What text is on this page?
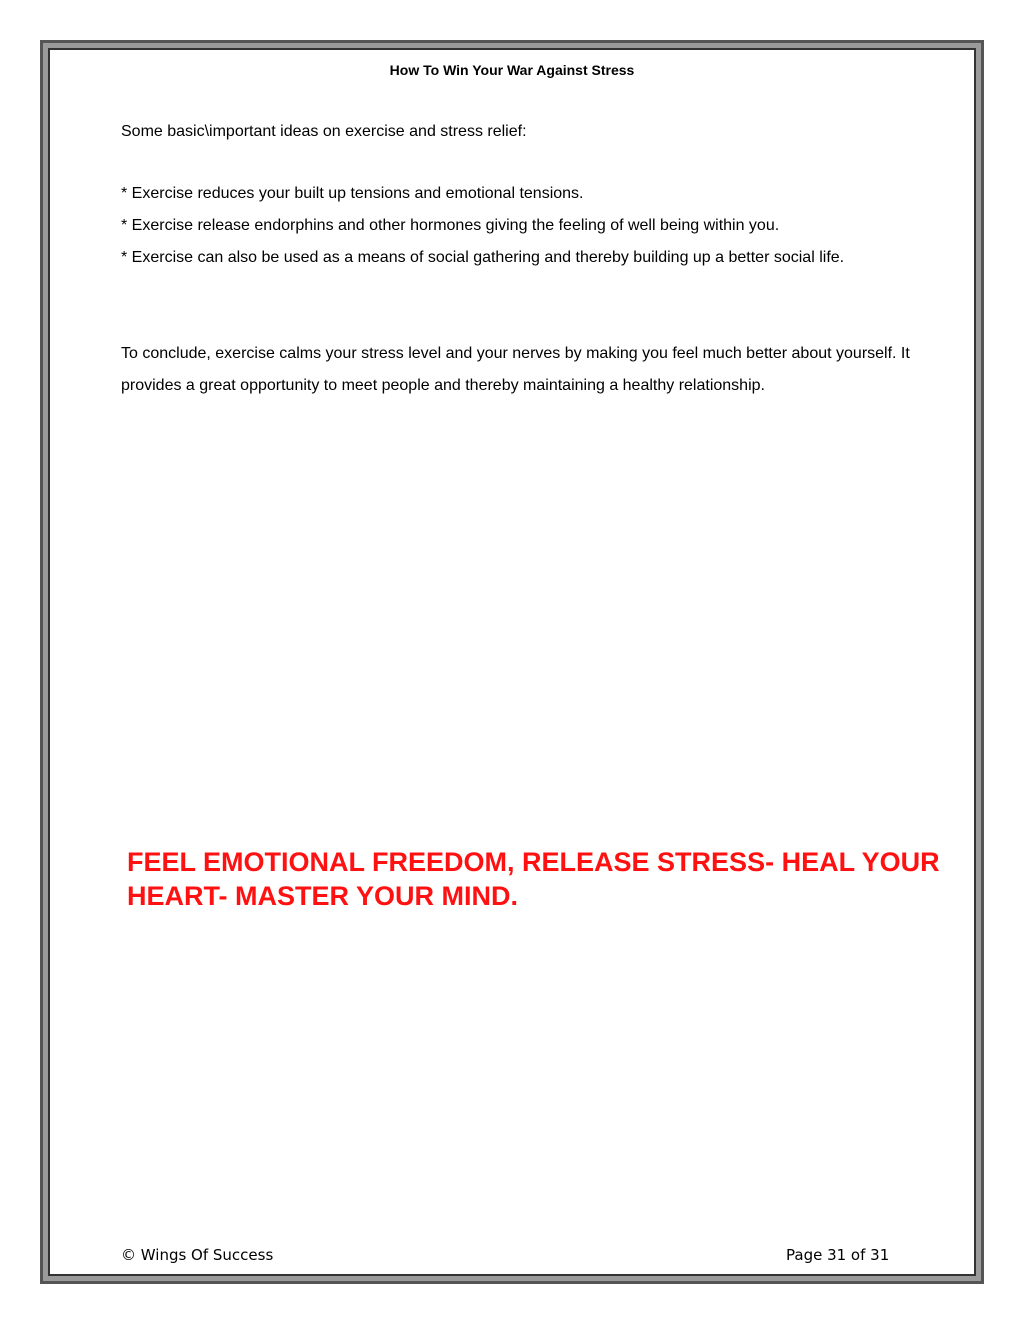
How To Win Your War Against Stress
Some basic\important ideas on exercise and stress relief:
* Exercise reduces your built up tensions and emotional tensions.
* Exercise release endorphins and other hormones giving the feeling of well being within you.
* Exercise can also be used as a means of social gathering and thereby building up a better social life.
To conclude, exercise calms your stress level and your nerves by making you feel much better about yourself. It provides a great opportunity to meet people and thereby maintaining a healthy relationship.
FEEL EMOTIONAL FREEDOM, RELEASE STRESS- HEAL YOUR HEART- MASTER YOUR MIND.
© Wings Of Success	Page 31 of 31
